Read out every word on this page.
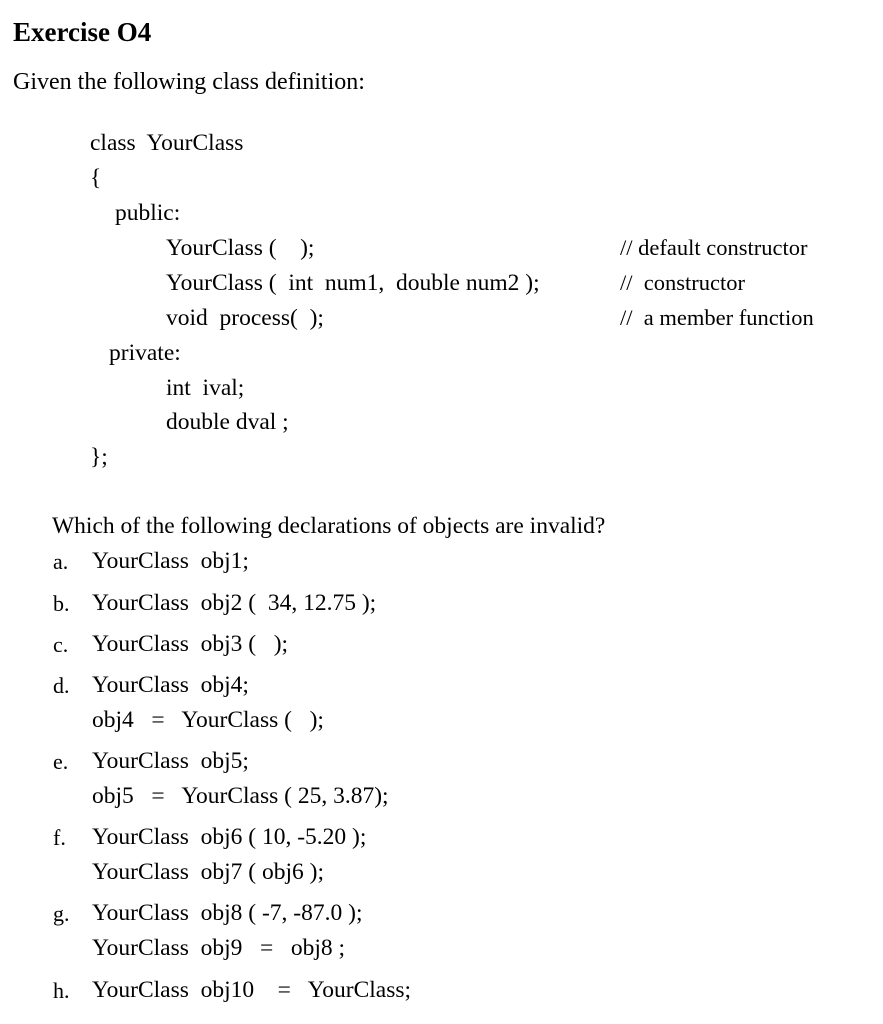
Exercise O4
Given the following class definition:
class  YourClass
{
public:
YourClass (    );	// default constructor
YourClass (  int  num1,  double num2 );	//  constructor
void  process(  );	//  a member function
private:
int  ival;
double dval ;
};
Which of the following declarations of objects are invalid?
a. YourClass  obj1;
b. YourClass  obj2 (  34, 12.75 );
c. YourClass  obj3 (   );
d. YourClass  obj4;
obj4   =   YourClass (   );
e. YourClass  obj5;
obj5   =   YourClass ( 25, 3.87);
f. YourClass  obj6 ( 10, -5.20 );
YourClass  obj7 ( obj6 );
g. YourClass  obj8 ( -7, -87.0 );
YourClass  obj9   =   obj8 ;
h. YourClass  obj10    =   YourClass;
